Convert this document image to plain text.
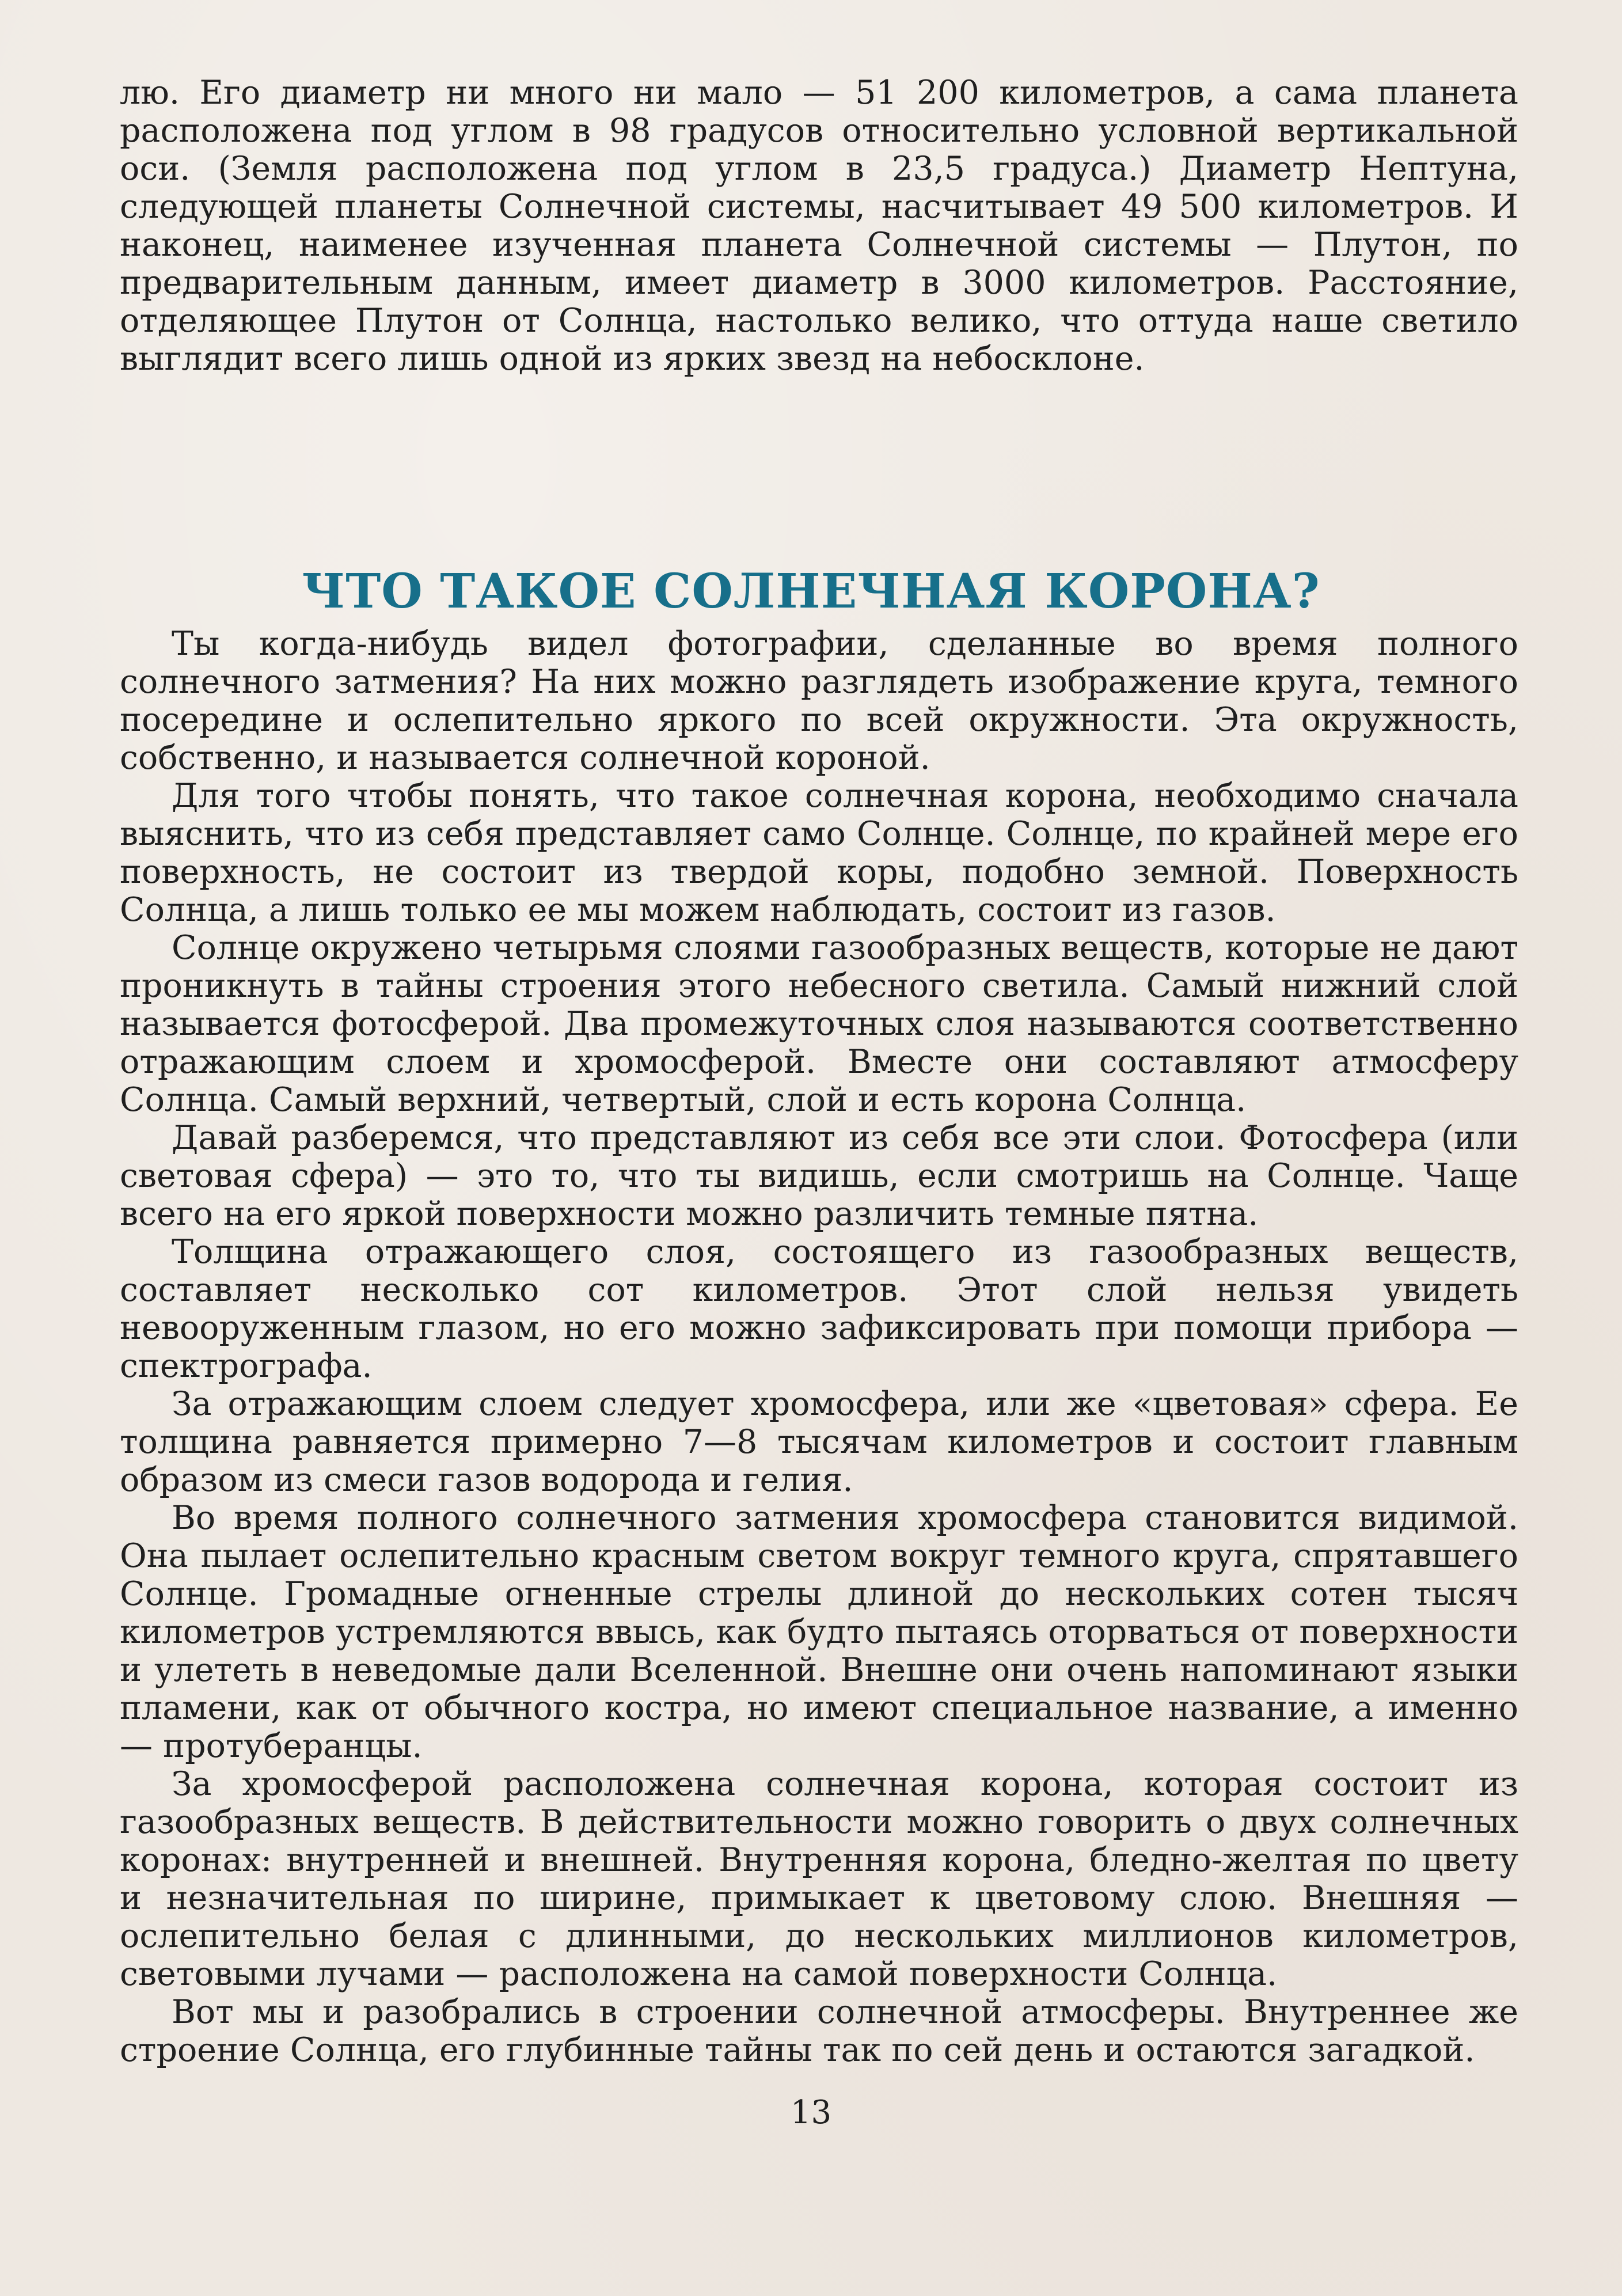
лю. Его диаметр ни много ни мало — 51 200 километров, а сама планета расположена под углом в 98 градусов относительно условной вертикальной оси. (Земля расположена под углом в 23,5 градуса.) Диаметр Нептуна, следующей планеты Солнечной системы, насчитывает 49 500 километров. И наконец, наименее изученная планета Солнечной системы — Плутон, по предварительным данным, имеет диаметр в 3000 километров. Расстояние, отделяющее Плутон от Солнца, настолько велико, что оттуда наше светило выглядит всего лишь одной из ярких звезд на небосклоне.

ЧТО ТАКОЕ СОЛНЕЧНАЯ КОРОНА?

Ты когда-нибудь видел фотографии, сделанные во время полного солнечного затмения? На них можно разглядеть изображение круга, темного посередине и ослепительно яркого по всей окружности. Эта окружность, собственно, и называется солнечной короной.

Для того чтобы понять, что такое солнечная корона, необходимо сначала выяснить, что из себя представляет само Солнце. Солнце, по крайней мере его поверхность, не состоит из твердой коры, подобно земной. Поверхность Солнца, а лишь только ее мы можем наблюдать, состоит из газов.

Солнце окружено четырьмя слоями газообразных веществ, которые не дают проникнуть в тайны строения этого небесного светила. Самый нижний слой называется фотосферой. Два промежуточных слоя называются соответственно отражающим слоем и хромосферой. Вместе они составляют атмосферу Солнца. Самый верхний, четвертый, слой и есть корона Солнца.

Давай разберемся, что представляют из себя все эти слои. Фотосфера (или световая сфера) — это то, что ты видишь, если смотришь на Солнце. Чаще всего на его яркой поверхности можно различить темные пятна.

Толщина отражающего слоя, состоящего из газообразных веществ, составляет несколько сот километров. Этот слой нельзя увидеть невооруженным глазом, но его можно зафиксировать при помощи прибора — спектрографа.

За отражающим слоем следует хромосфера, или же «цветовая» сфера. Ее толщина равняется примерно 7—8 тысячам километров и состоит главным образом из смеси газов водорода и гелия.

Во время полного солнечного затмения хромосфера становится видимой. Она пылает ослепительно красным светом вокруг темного круга, спрятавшего Солнце. Громадные огненные стрелы длиной до нескольких сотен тысяч километров устремляются ввысь, как будто пытаясь оторваться от поверхности и улететь в неведомые дали Вселенной. Внешне они очень напоминают языки пламени, как от обычного костра, но имеют специальное название, а именно — протуберанцы.

За хромосферой расположена солнечная корона, которая состоит из газообразных веществ. В действительности можно говорить о двух солнечных коронах: внутренней и внешней. Внутренняя корона, бледно-желтая по цвету и незначительная по ширине, примыкает к цветовому слою. Внешняя — ослепительно белая с длинными, до нескольких миллионов километров, световыми лучами — расположена на самой поверхности Солнца.

Вот мы и разобрались в строении солнечной атмосферы. Внутреннее же строение Солнца, его глубинные тайны так по сей день и остаются загадкой.

13
